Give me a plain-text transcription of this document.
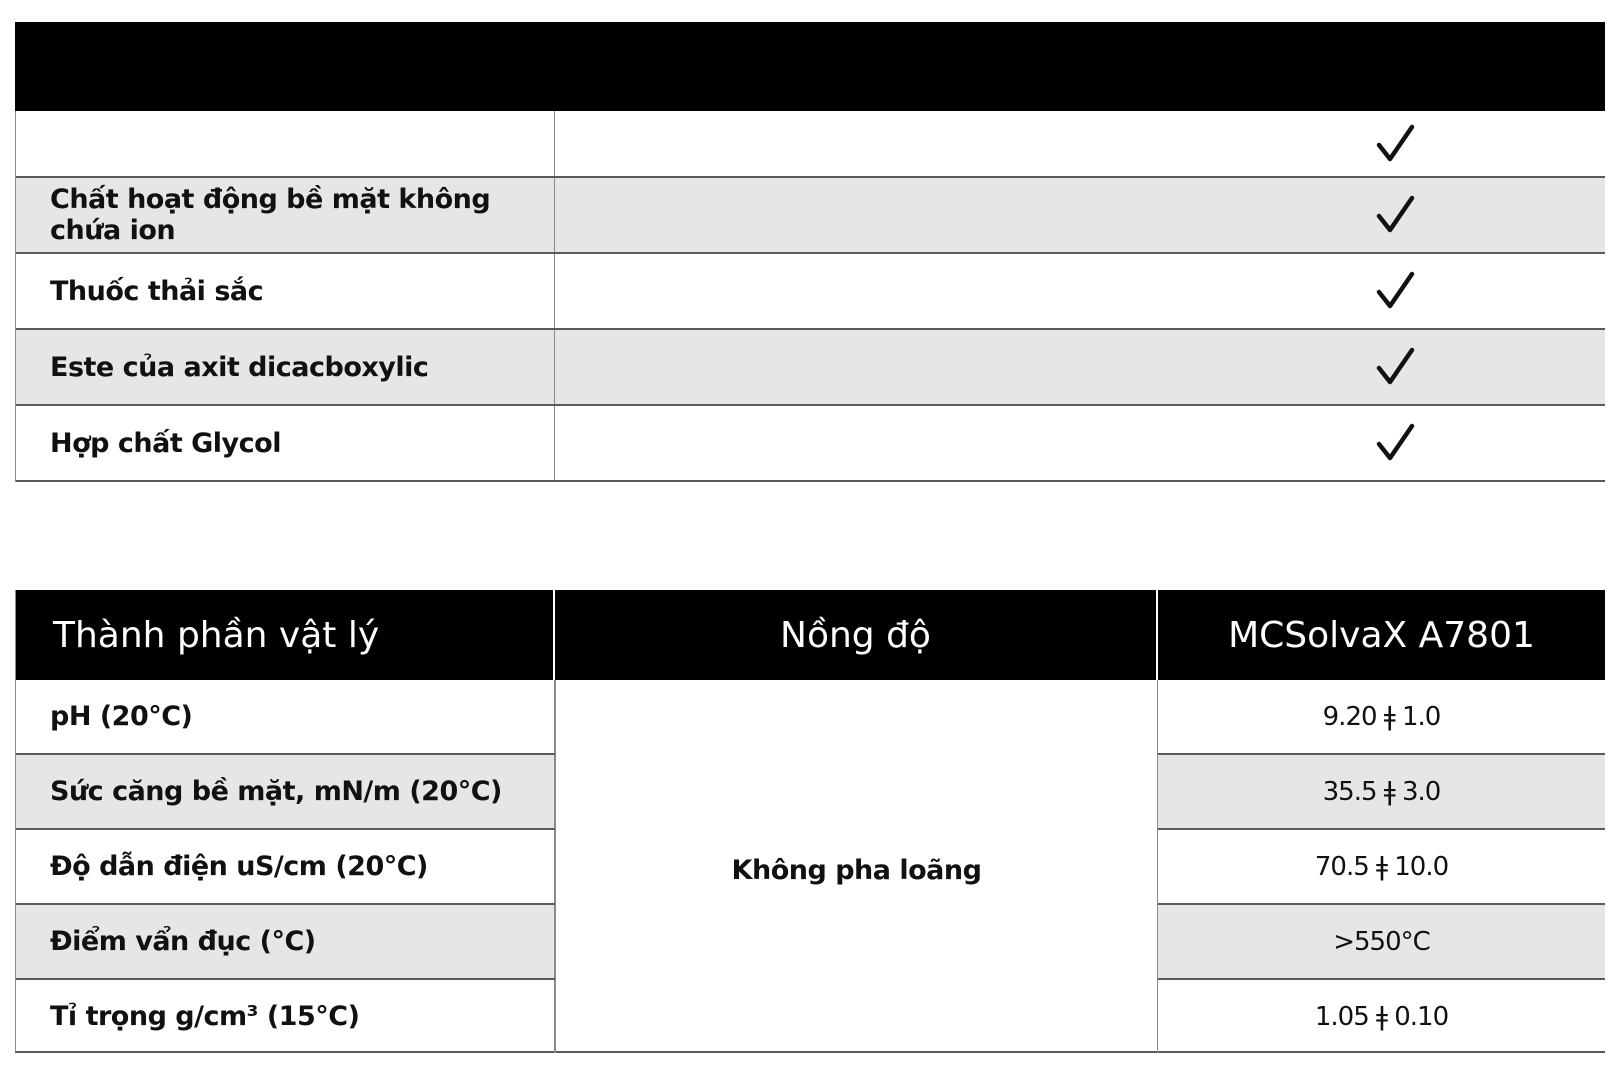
Chất hoạt động bề mặt không chứa ion
Thuốc thải sắc
Este của axit dicacboxylic
Hợp chất Glycol
Thành phần vật lý	Nồng độ	MCSolvaX A7801
pH (20°C)
Sức căng bề mặt, mN/m (20°C)
Độ dẫn điện uS/cm (20°C)
Điểm vẩn đục (°C)
Tỉ trọng g/cm³ (15°C)
Không pha loãng
9.20 ǂ 1.0
35.5 ǂ 3.0
70.5 ǂ 10.0
>550°C
1.05 ǂ 0.10
